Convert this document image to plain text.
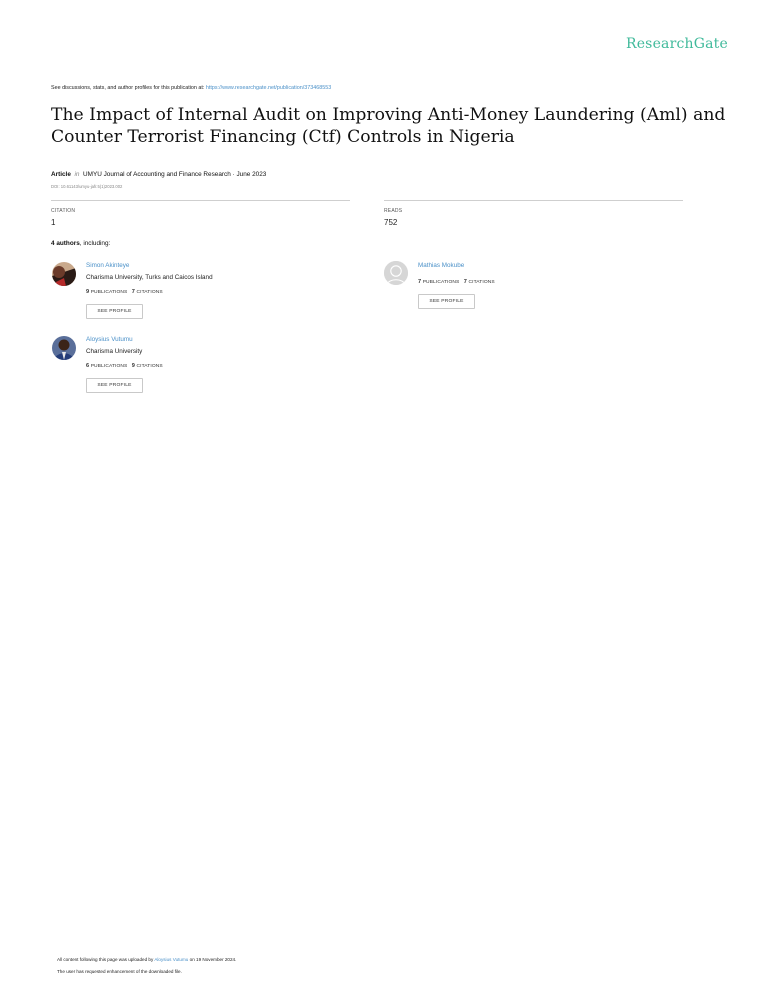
ResearchGate
See discussions, stats, and author profiles for this publication at: https://www.researchgate.net/publication/373468553
The Impact of Internal Audit on Improving Anti-Money Laundering (Aml) and Counter Terrorist Financing (Ctf) Controls in Nigeria
Article in UMYU Journal of Accounting and Finance Research · June 2023
DOI: 10.61143/umyu-jafr.5(1)2023.002
CITATION
1
READS
752
4 authors, including:
Simon Akinteye
Charisma University, Turks and Caicos Island
9 PUBLICATIONS 7 CITATIONS
SEE PROFILE
Mathias Mokube
7 PUBLICATIONS 7 CITATIONS
SEE PROFILE
Aloysius Vutumu
Charisma University
6 PUBLICATIONS 9 CITATIONS
SEE PROFILE
All content following this page was uploaded by Aloysius Vutumu on 19 November 2024.
The user has requested enhancement of the downloaded file.
